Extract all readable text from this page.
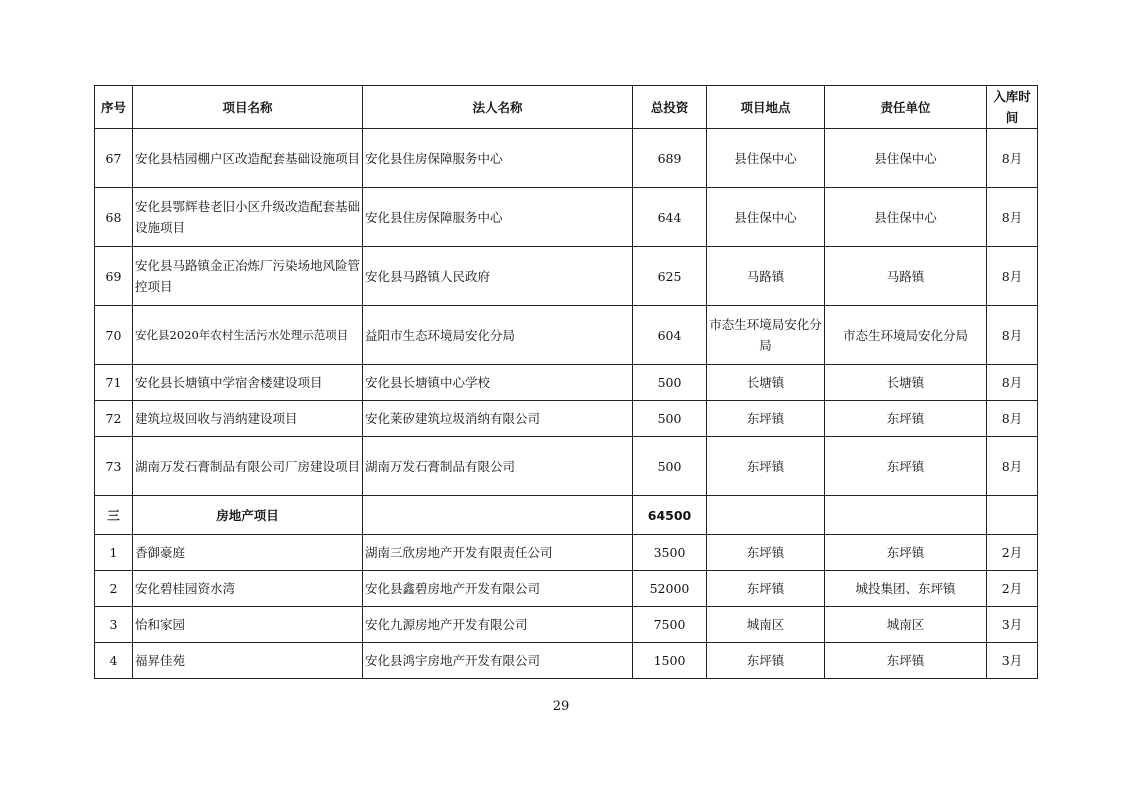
序号	项目名称	法人名称	总投资	项目地点	责任单位	入库时间
67	安化县桔园棚户区改造配套基础设施项目	安化县住房保障服务中心	689	县住保中心	县住保中心	8月
68	安化县鄂辉巷老旧小区升级改造配套基础设施项目	安化县住房保障服务中心	644	县住保中心	县住保中心	8月
69	安化县马路镇金正冶炼厂污染场地风险管控项目	安化县马路镇人民政府	625	马路镇	马路镇	8月
70	安化县2020年农村生活污水处理示范项目	益阳市生态环境局安化分局	604	市态生环境局安化分局	市态生环境局安化分局	8月
71	安化县长塘镇中学宿舍楼建设项目	安化县长塘镇中心学校	500	长塘镇	长塘镇	8月
72	建筑垃圾回收与消纳建设项目	安化莱矽建筑垃圾消纳有限公司	500	东坪镇	东坪镇	8月
73	湖南万发石膏制品有限公司厂房建设项目	湖南万发石膏制品有限公司	500	东坪镇	东坪镇	8月
三	房地产项目		64500			
1	香御豪庭	湖南三欣房地产开发有限责任公司	3500	东坪镇	东坪镇	2月
2	安化碧桂园资水湾	安化县鑫碧房地产开发有限公司	52000	东坪镇	城投集团、东坪镇	2月
3	怡和家园	安化九源房地产开发有限公司	7500	城南区	城南区	3月
4	福昇佳苑	安化县鸿宇房地产开发有限公司	1500	东坪镇	东坪镇	3月
29
